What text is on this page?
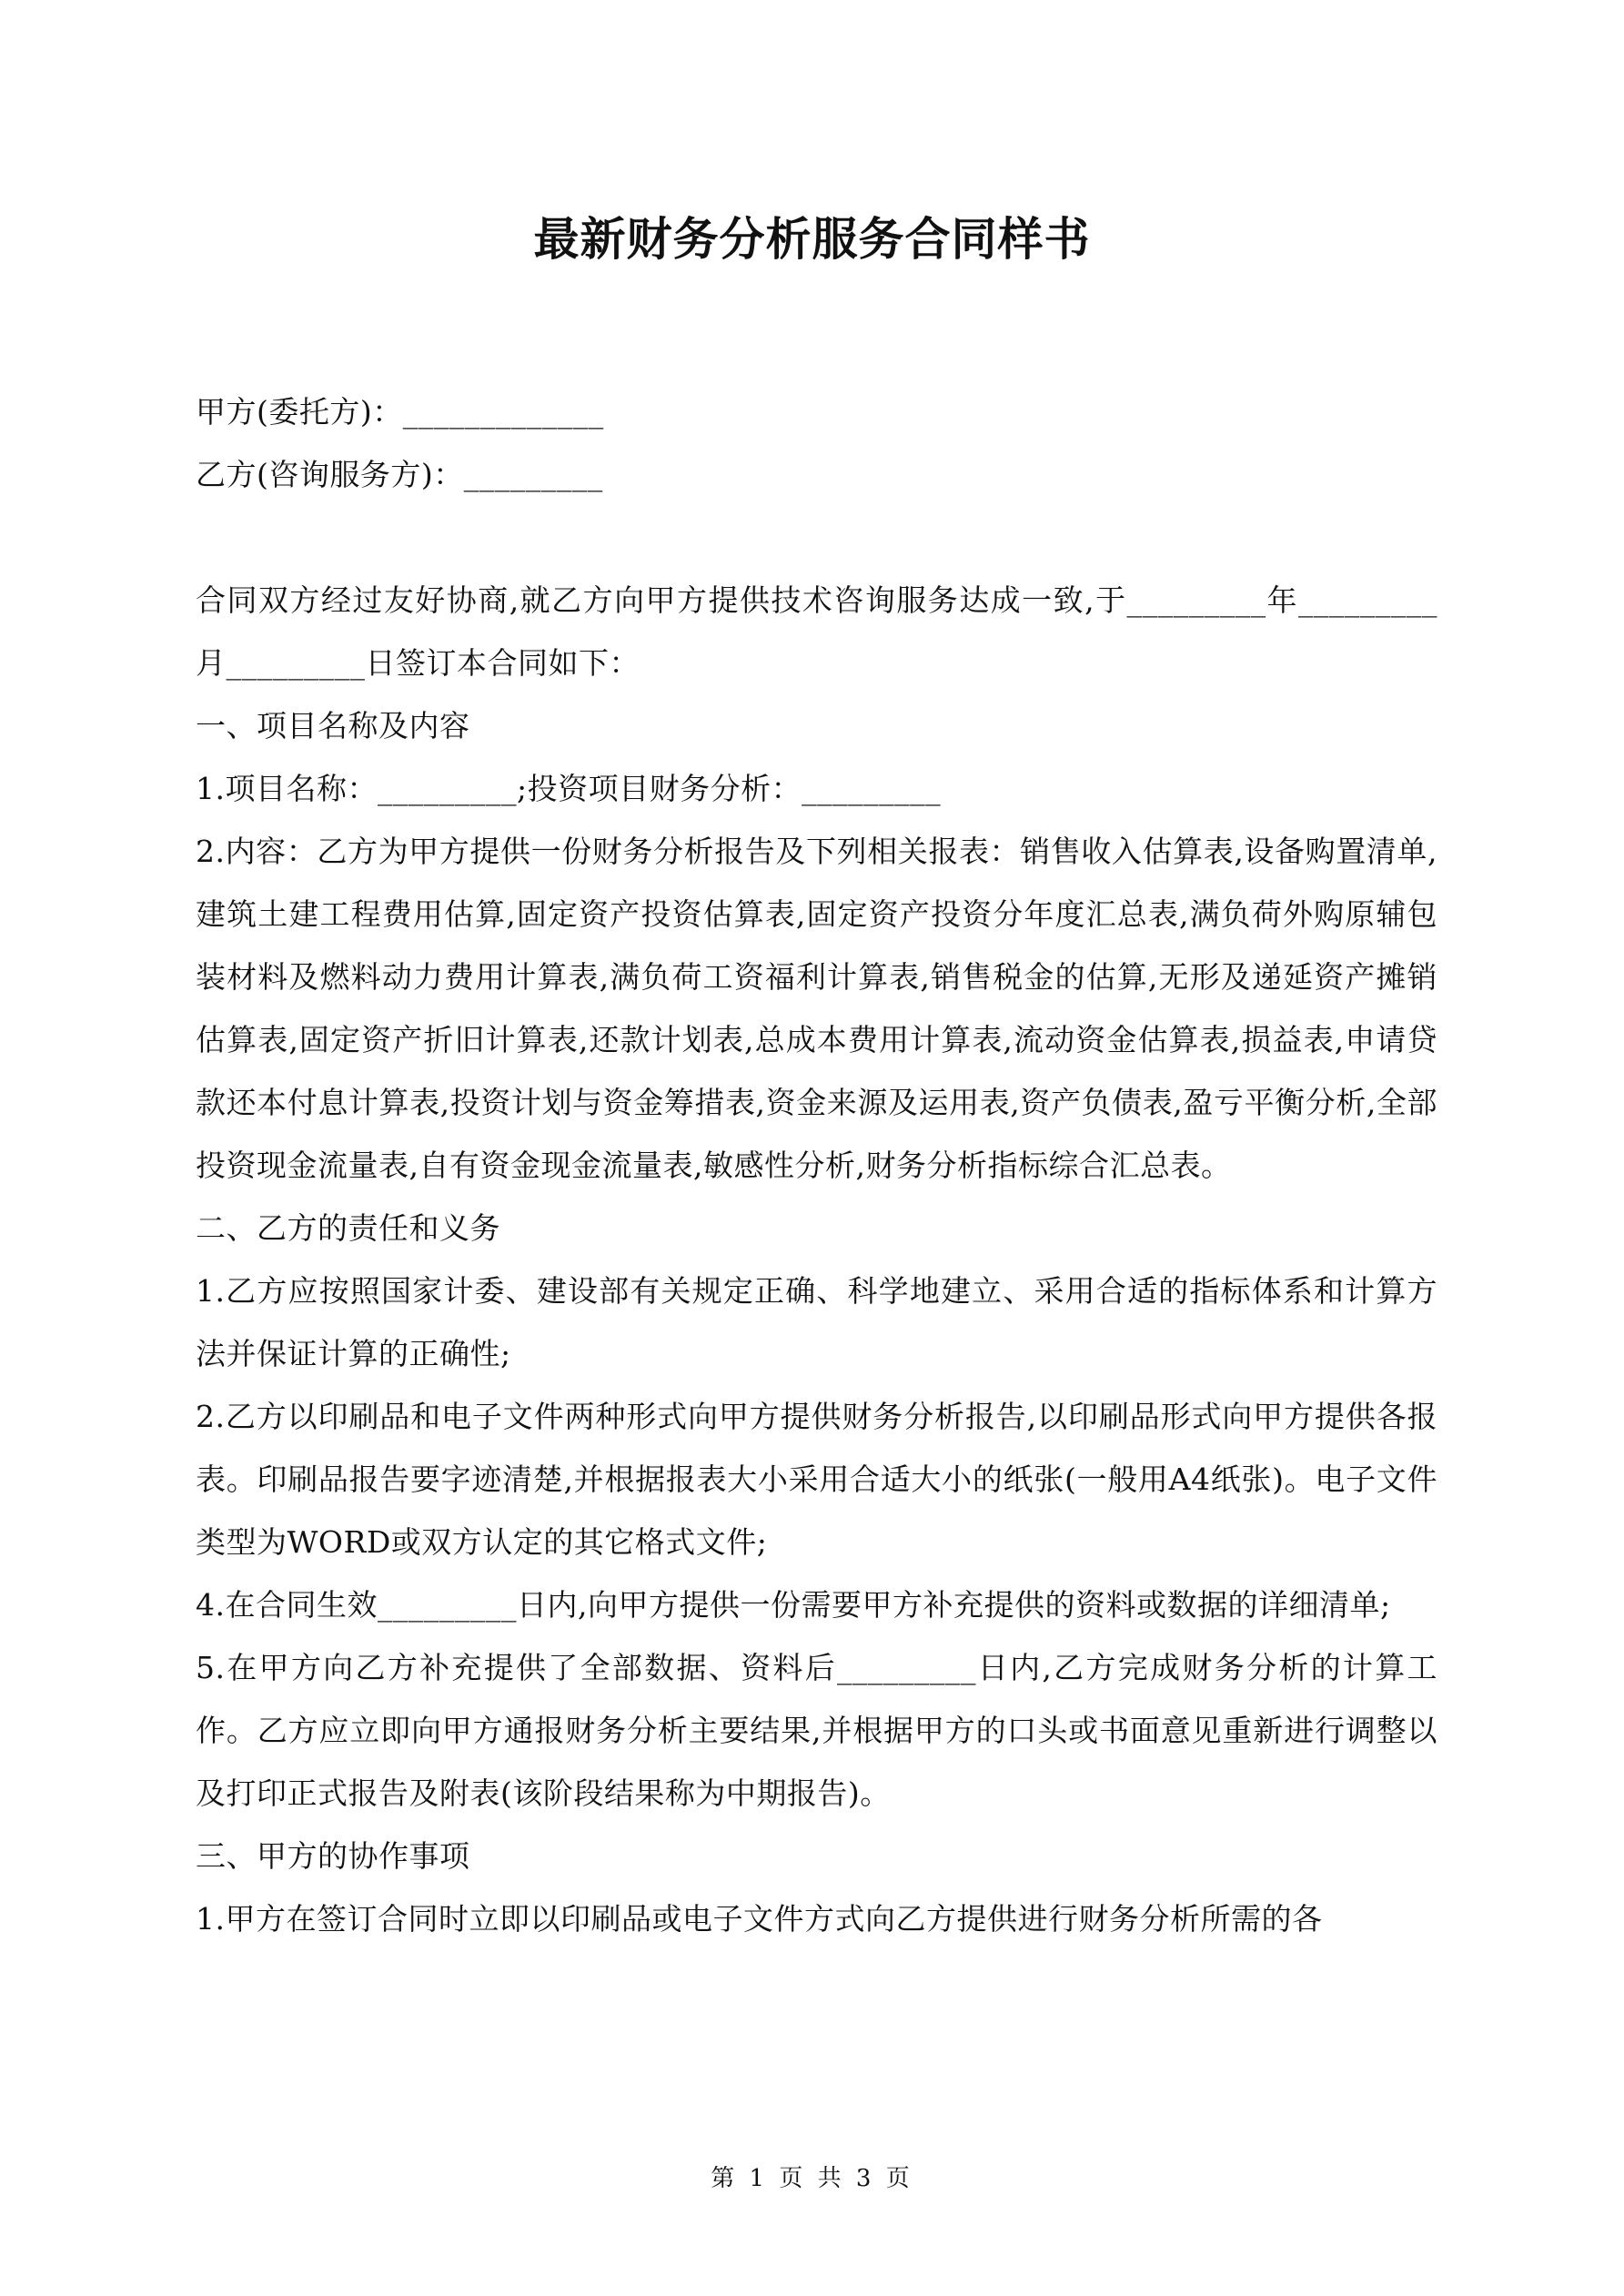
最新财务分析服务合同样书

甲方(委托方)：_____________

乙方(咨询服务方)：_________

合同双方经过友好协商,就乙方向甲方提供技术咨询服务达成一致,于_________年_________月_________日签订本合同如下：

一、项目名称及内容

1.项目名称：_________;投资项目财务分析：_________

2.内容：乙方为甲方提供一份财务分析报告及下列相关报表：销售收入估算表,设备购置清单,建筑土建工程费用估算,固定资产投资估算表,固定资产投资分年度汇总表,满负荷外购原辅包装材料及燃料动力费用计算表,满负荷工资福利计算表,销售税金的估算,无形及递延资产摊销估算表,固定资产折旧计算表,还款计划表,总成本费用计算表,流动资金估算表,损益表,申请贷款还本付息计算表,投资计划与资金筹措表,资金来源及运用表,资产负债表,盈亏平衡分析,全部投资现金流量表,自有资金现金流量表,敏感性分析,财务分析指标综合汇总表。

二、乙方的责任和义务

1.乙方应按照国家计委、建设部有关规定正确、科学地建立、采用合适的指标体系和计算方法并保证计算的正确性;

2.乙方以印刷品和电子文件两种形式向甲方提供财务分析报告,以印刷品形式向甲方提供各报表。印刷品报告要字迹清楚,并根据报表大小采用合适大小的纸张(一般用A4纸张)。电子文件类型为WORD或双方认定的其它格式文件;

4.在合同生效_________日内,向甲方提供一份需要甲方补充提供的资料或数据的详细清单;

5.在甲方向乙方补充提供了全部数据、资料后_________日内,乙方完成财务分析的计算工作。乙方应立即向甲方通报财务分析主要结果,并根据甲方的口头或书面意见重新进行调整以及打印正式报告及附表(该阶段结果称为中期报告)。

三、甲方的协作事项

1.甲方在签订合同时立即以印刷品或电子文件方式向乙方提供进行财务分析所需的各

第 1 页 共 3 页
